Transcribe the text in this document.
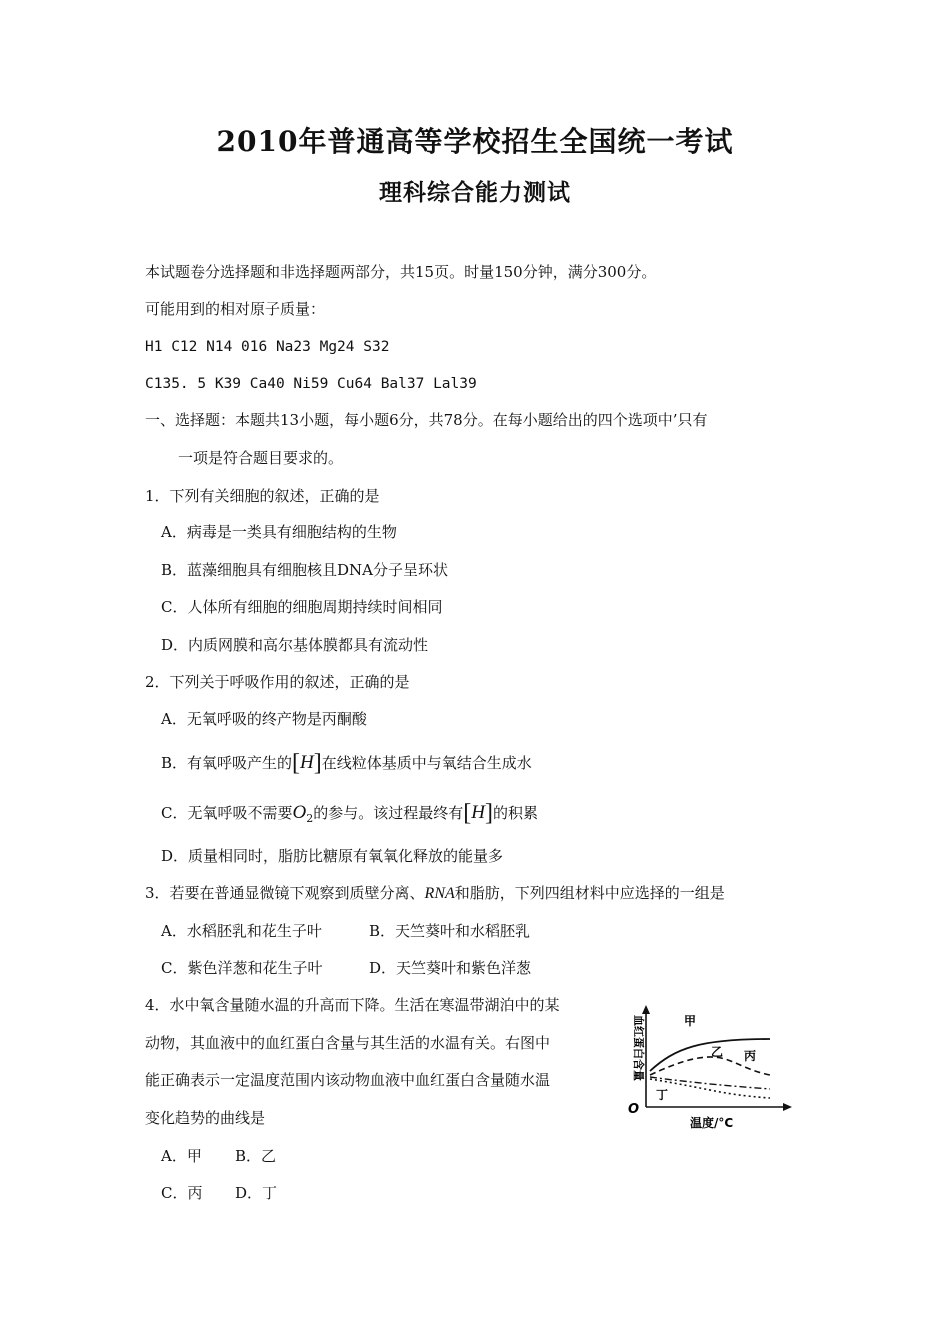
2010年普通高等学校招生全国统一考试
理科综合能力测试
本试题卷分选择题和非选择题两部分，共15页。时量150分钟，满分300分。
可能用到的相对原子质量：
H1 C12 N14 016 Na23 Mg24 S32
C135. 5 K39 Ca40 Ni59 Cu64 Bal37 Lal39
一、选择题：本题共13小题，每小题6分，共78分。在每小题给出的四个选项中’只有
一项是符合题目要求的。
1．下列有关细胞的叙述，正确的是
A．病毒是一类具有细胞结构的生物
B．蓝藻细胞具有细胞核且DNA分子呈环状
C．人体所有细胞的细胞周期持续时间相同
D．内质网膜和高尔基体膜都具有流动性
2．下列关于呼吸作用的叙述，正确的是
A．无氧呼吸的终产物是丙酮酸
B．有氧呼吸产生的[H]在线粒体基质中与氧结合生成水
C．无氧呼吸不需要$O_2$的参与。该过程最终有[H]的积累
D．质量相同时，脂肪比糖原有氧氧化释放的能量多
3．若要在普通显微镜下观察到质壁分离、RNA和脂肪，下列四组材料中应选择的一组是
A．水稻胚乳和花生子叶	B．天竺葵叶和水稻胚乳
C．紫色洋葱和花生子叶	D．天竺葵叶和紫色洋葱
4．水中氧含量随水温的升高而下降。生活在寒温带湖泊中的某
动物，其血液中的血红蛋白含量与其生活的水温有关。右图中
能正确表示一定温度范围内该动物血液中血红蛋白含量随水温
变化趋势的曲线是
A．甲 B．乙
C．丙 D．丁
O
温度/°C
血红蛋白含量	甲
乙 丙
丁
